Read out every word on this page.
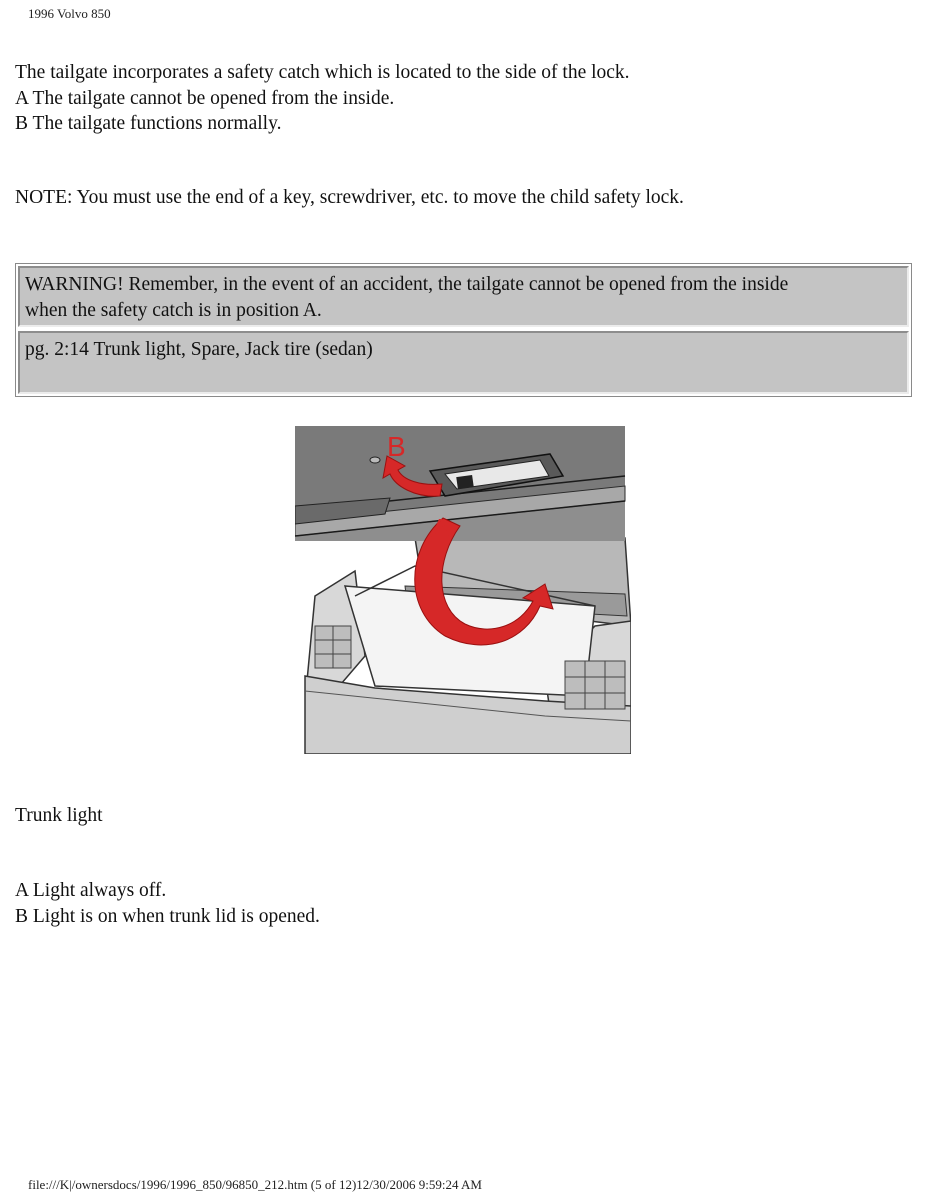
1996 Volvo 850
The tailgate incorporates a safety catch which is located to the side of the lock.
A The tailgate cannot be opened from the inside.
B The tailgate functions normally.
NOTE: You must use the end of a key, screwdriver, etc. to move the child safety lock.
WARNING! Remember, in the event of an accident, the tailgate cannot be opened from the inside
when the safety catch is in position A.
pg. 2:14 Trunk light, Spare, Jack tire (sedan)
B
A
Trunk light
A Light always off.
B Light is on when trunk lid is opened.
file:///K|/ownersdocs/1996/1996_850/96850_212.htm (5 of 12)12/30/2006 9:59:24 AM
